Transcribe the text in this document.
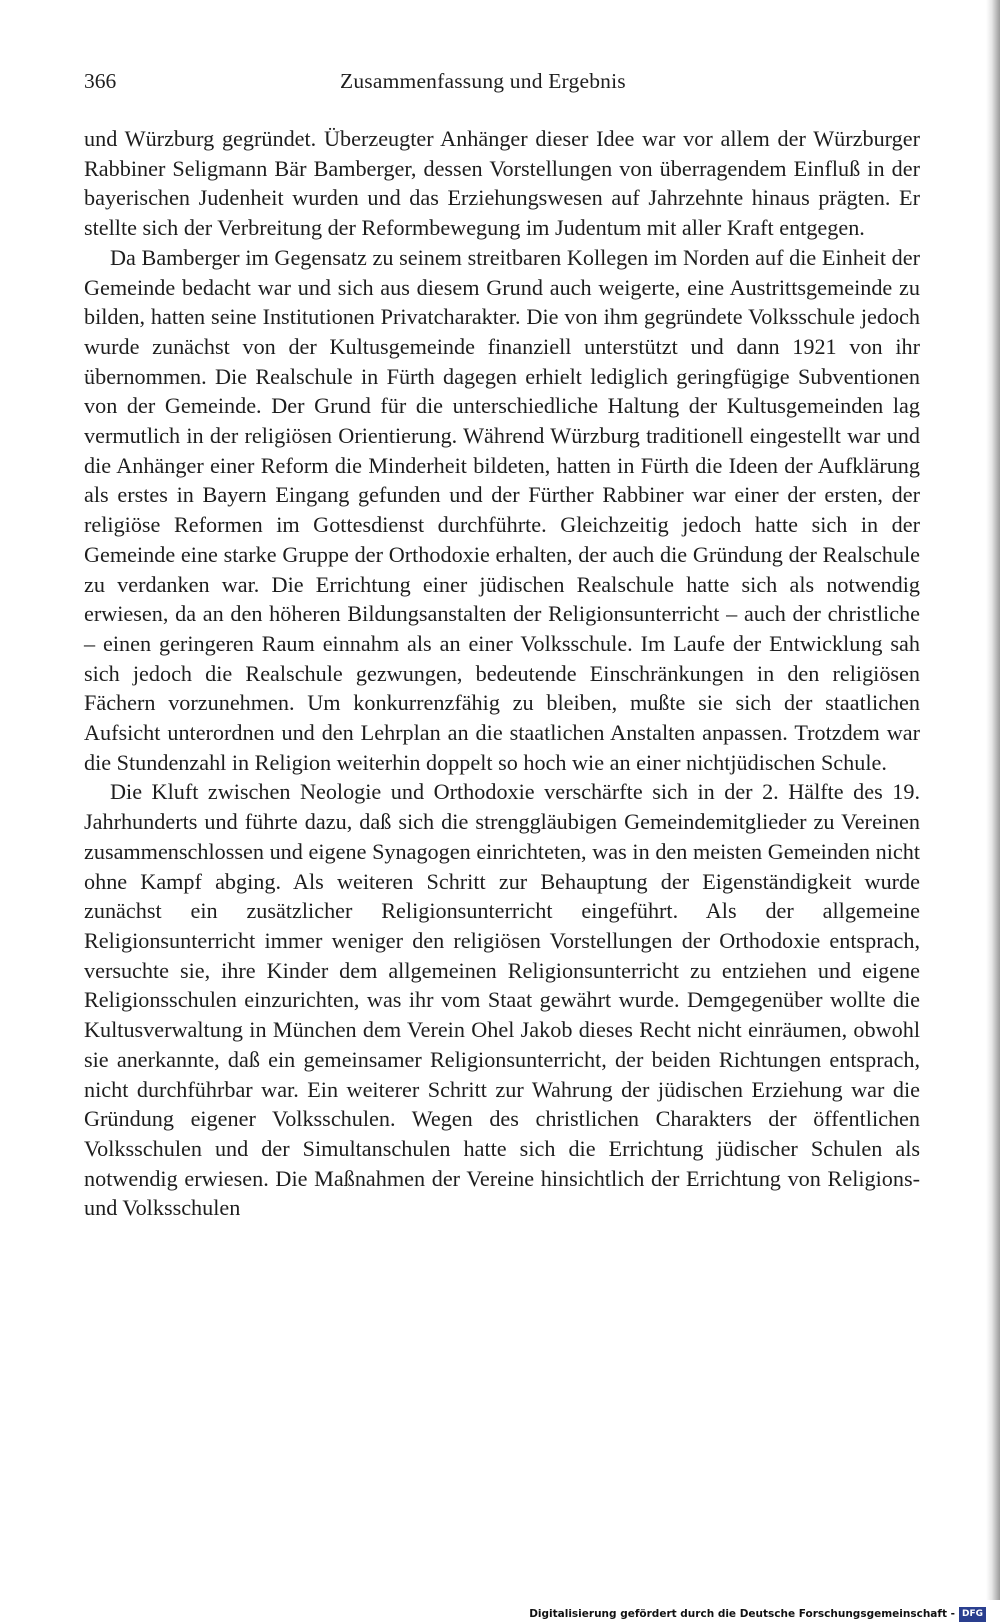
366	Zusammenfassung und Ergebnis

und Würzburg gegründet. Überzeugter Anhänger dieser Idee war vor allem der Würzburger Rabbiner Seligmann Bär Bamberger, dessen Vorstellungen von überragendem Einfluß in der bayerischen Judenheit wurden und das Erziehungswesen auf Jahrzehnte hinaus prägten. Er stellte sich der Verbreitung der Reformbewegung im Judentum mit aller Kraft entgegen.

Da Bamberger im Gegensatz zu seinem streitbaren Kollegen im Norden auf die Einheit der Gemeinde bedacht war und sich aus diesem Grund auch weigerte, eine Austrittsgemeinde zu bilden, hatten seine Institutionen Privatcharakter. Die von ihm gegründete Volksschule jedoch wurde zunächst von der Kultusgemeinde finanziell unterstützt und dann 1921 von ihr übernommen. Die Realschule in Fürth dagegen erhielt lediglich geringfügige Subventionen von der Gemeinde. Der Grund für die unterschiedliche Haltung der Kultusgemeinden lag vermutlich in der religiösen Orientierung. Während Würzburg traditionell eingestellt war und die Anhänger einer Reform die Minderheit bildeten, hatten in Fürth die Ideen der Aufklärung als erstes in Bayern Eingang gefunden und der Fürther Rabbiner war einer der ersten, der religiöse Reformen im Gottesdienst durchführte. Gleichzeitig jedoch hatte sich in der Gemeinde eine starke Gruppe der Orthodoxie erhalten, der auch die Gründung der Realschule zu verdanken war. Die Errichtung einer jüdischen Realschule hatte sich als notwendig erwiesen, da an den höheren Bildungsanstalten der Religionsunterricht – auch der christliche – einen geringeren Raum einnahm als an einer Volksschule. Im Laufe der Entwicklung sah sich jedoch die Realschule gezwungen, bedeutende Einschränkungen in den religiösen Fächern vorzunehmen. Um konkurrenzfähig zu bleiben, mußte sie sich der staatlichen Aufsicht unterordnen und den Lehrplan an die staatlichen Anstalten anpassen. Trotzdem war die Stundenzahl in Religion weiterhin doppelt so hoch wie an einer nichtjüdischen Schule.

Die Kluft zwischen Neologie und Orthodoxie verschärfte sich in der 2. Hälfte des 19. Jahrhunderts und führte dazu, daß sich die strenggläubigen Gemeindemitglieder zu Vereinen zusammenschlossen und eigene Synagogen einrichteten, was in den meisten Gemeinden nicht ohne Kampf abging. Als weiteren Schritt zur Behauptung der Eigenständigkeit wurde zunächst ein zusätzlicher Religionsunterricht eingeführt. Als der allgemeine Religionsunterricht immer weniger den religiösen Vorstellungen der Orthodoxie entsprach, versuchte sie, ihre Kinder dem allgemeinen Religionsunterricht zu entziehen und eigene Religionsschulen einzurichten, was ihr vom Staat gewährt wurde. Demgegenüber wollte die Kultusverwaltung in München dem Verein Ohel Jakob dieses Recht nicht einräumen, obwohl sie anerkannte, daß ein gemeinsamer Religionsunterricht, der beiden Richtungen entsprach, nicht durchführbar war. Ein weiterer Schritt zur Wahrung der jüdischen Erziehung war die Gründung eigener Volksschulen. Wegen des christlichen Charakters der öffentlichen Volksschulen und der Simultanschulen hatte sich die Errichtung jüdischer Schulen als notwendig erwiesen. Die Maßnahmen der Vereine hinsichtlich der Errichtung von Religions- und Volksschulen

Digitalisierung gefördert durch die Deutsche Forschungsgemeinschaft - DFG
